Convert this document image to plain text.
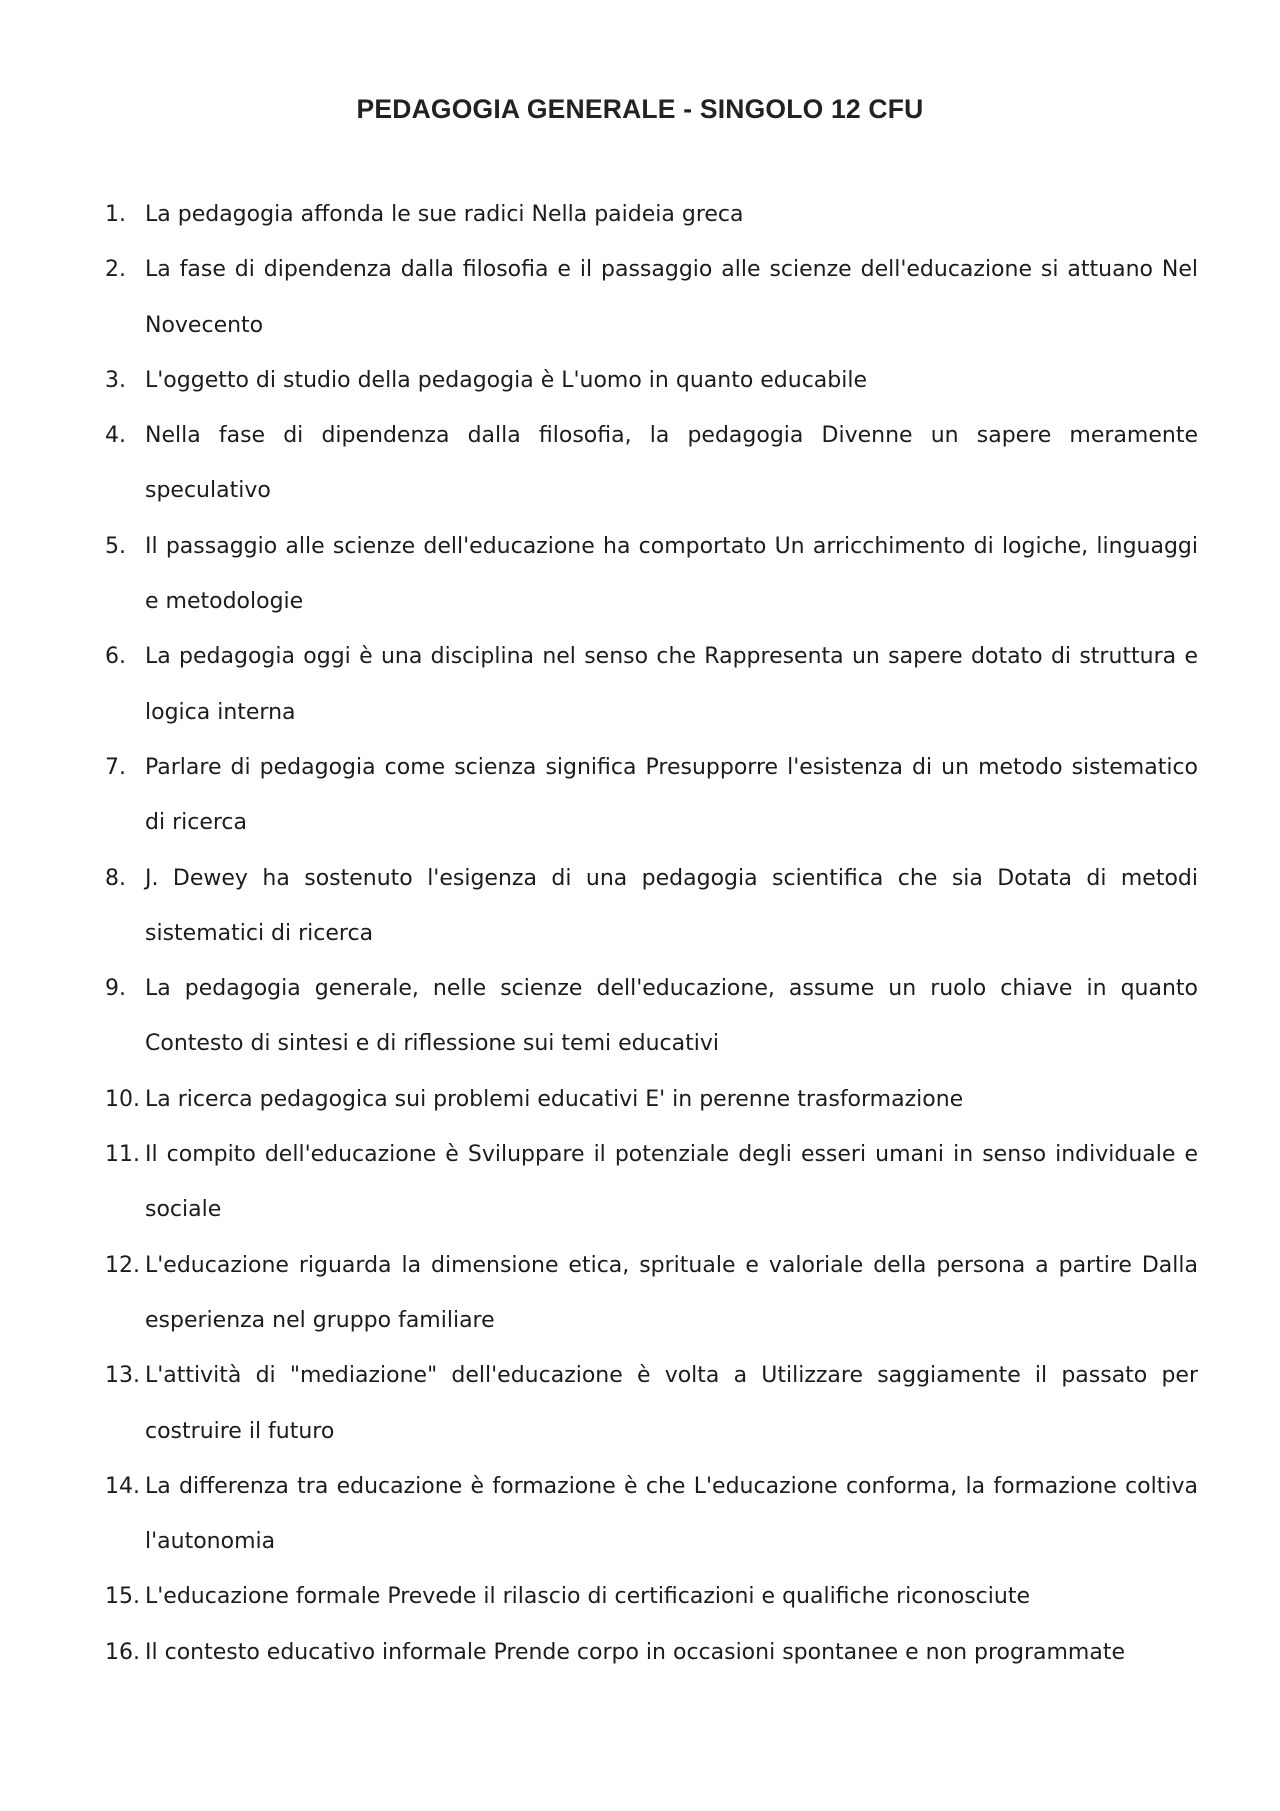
PEDAGOGIA GENERALE - SINGOLO 12 CFU
1. La pedagogia affonda le sue radici Nella paideia greca
2. La fase di dipendenza dalla filosofia e il passaggio alle scienze dell'educazione si attuano Nel Novecento
3. L'oggetto di studio della pedagogia è L'uomo in quanto educabile
4. Nella fase di dipendenza dalla filosofia, la pedagogia Divenne un sapere meramente speculativo
5. Il passaggio alle scienze dell'educazione ha comportato Un arricchimento di logiche, linguaggi e metodologie
6. La pedagogia oggi è una disciplina nel senso che Rappresenta un sapere dotato di struttura e logica interna
7. Parlare di pedagogia come scienza significa Presupporre l'esistenza di un metodo sistematico di ricerca
8. J. Dewey ha sostenuto l'esigenza di una pedagogia scientifica che sia Dotata di metodi sistematici di ricerca
9. La pedagogia generale, nelle scienze dell'educazione, assume un ruolo chiave in quanto Contesto di sintesi e di riflessione sui temi educativi
10. La ricerca pedagogica sui problemi educativi E' in perenne trasformazione
11. Il compito dell'educazione è Sviluppare il potenziale degli esseri umani in senso individuale e sociale
12. L'educazione riguarda la dimensione etica, sprituale e valoriale della persona a partire Dalla esperienza nel gruppo familiare
13. L'attività di "mediazione" dell'educazione è volta a Utilizzare saggiamente il passato per costruire il futuro
14. La differenza tra educazione è formazione è che L'educazione conforma, la formazione coltiva l'autonomia
15. L'educazione formale Prevede il rilascio di certificazioni e qualifiche riconosciute
16. Il contesto educativo informale Prende corpo in occasioni spontanee e non programmate
